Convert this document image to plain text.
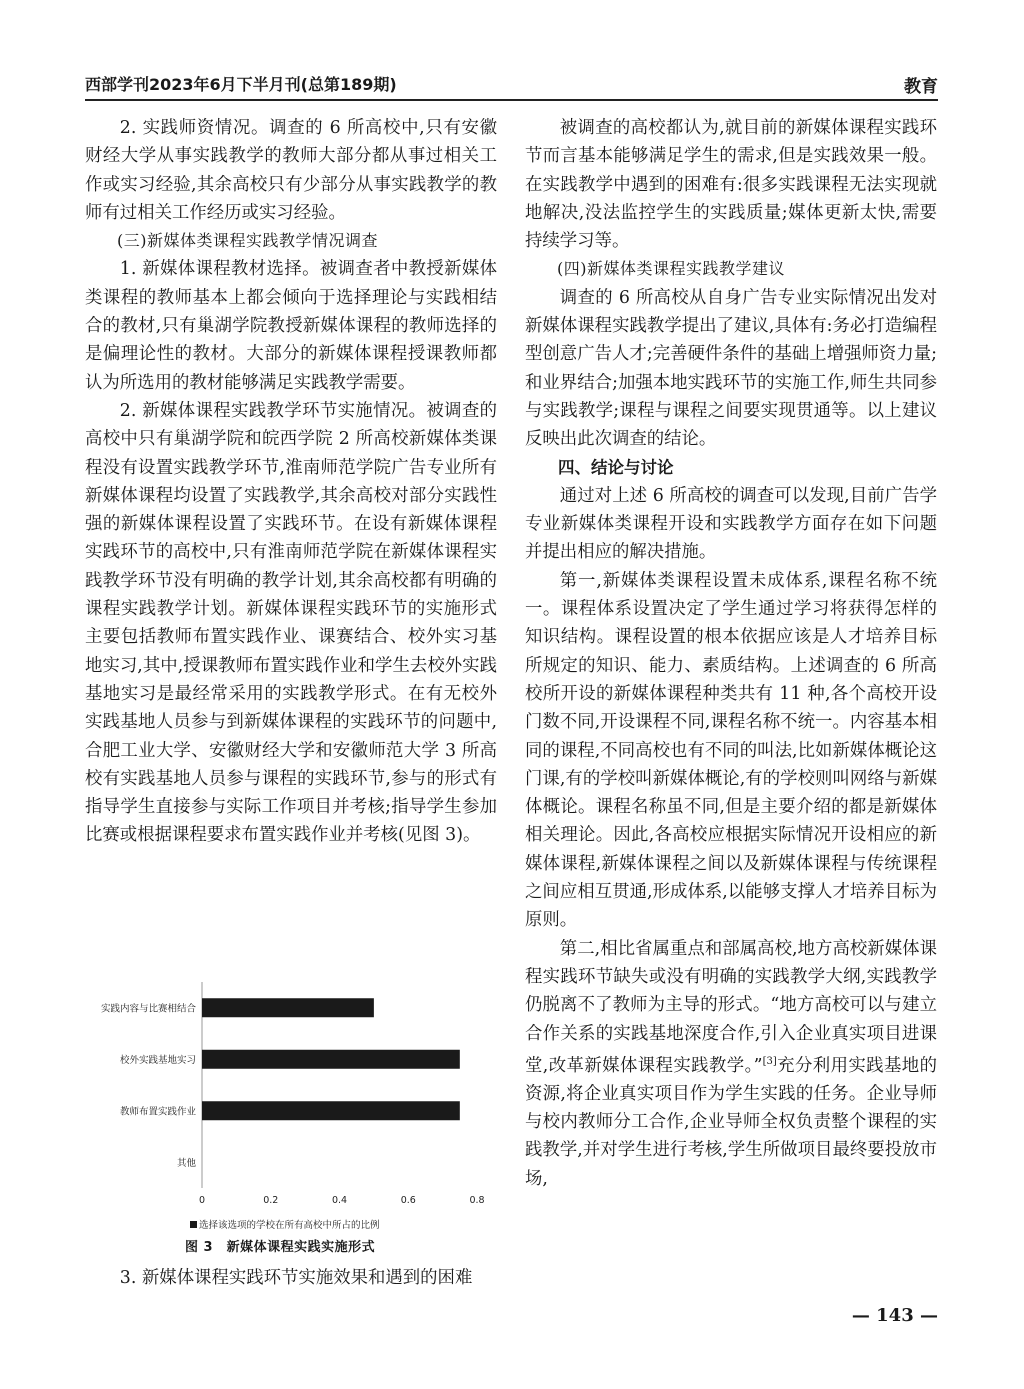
西部学刊2023年6月下半月刊(总第189期)	教育

2. 实践师资情况。调查的 6 所高校中,只有安徽财经大学从事实践教学的教师大部分都从事过相关工作或实习经验,其余高校只有少部分从事实践教学的教师有过相关工作经历或实习经验。

(三)新媒体类课程实践教学情况调查

1. 新媒体课程教材选择。被调查者中教授新媒体类课程的教师基本上都会倾向于选择理论与实践相结合的教材,只有巢湖学院教授新媒体课程的教师选择的是偏理论性的教材。大部分的新媒体课程授课教师都认为所选用的教材能够满足实践教学需要。

2. 新媒体课程实践教学环节实施情况。被调查的高校中只有巢湖学院和皖西学院 2 所高校新媒体类课程没有设置实践教学环节,淮南师范学院广告专业所有新媒体课程均设置了实践教学,其余高校对部分实践性强的新媒体课程设置了实践环节。在设有新媒体课程实践环节的高校中,只有淮南师范学院在新媒体课程实践教学环节没有明确的教学计划,其余高校都有明确的课程实践教学计划。新媒体课程实践环节的实施形式主要包括教师布置实践作业、课赛结合、校外实习基地实习,其中,授课教师布置实践作业和学生去校外实践基地实习是最经常采用的实践教学形式。在有无校外实践基地人员参与到新媒体课程的实践环节的问题中,合肥工业大学、安徽财经大学和安徽师范大学 3 所高校有实践基地人员参与课程的实践环节,参与的形式有指导学生直接参与实际工作项目并考核;指导学生参加比赛或根据课程要求布置实践作业并考核(见图 3)。

实践内容与比赛相结合
校外实践基地实习
教师布置实践作业
其他
0	0.2	0.4	0.6	0.8
选择该选项的学校在所有高校中所占的比例
图 3　新媒体课程实践实施形式

3. 新媒体课程实践环节实施效果和遇到的困难

被调查的高校都认为,就目前的新媒体课程实践环节而言基本能够满足学生的需求,但是实践效果一般。在实践教学中遇到的困难有:很多实践课程无法实现就地解决,没法监控学生的实践质量;媒体更新太快,需要持续学习等。

(四)新媒体类课程实践教学建议

调查的 6 所高校从自身广告专业实际情况出发对新媒体课程实践教学提出了建议,具体有:务必打造编程型创意广告人才;完善硬件条件的基础上增强师资力量;和业界结合;加强本地实践环节的实施工作,师生共同参与实践教学;课程与课程之间要实现贯通等。以上建议反映出此次调查的结论。

四、结论与讨论

通过对上述 6 所高校的调查可以发现,目前广告学专业新媒体类课程开设和实践教学方面存在如下问题并提出相应的解决措施。

第一,新媒体类课程设置未成体系,课程名称不统一。课程体系设置决定了学生通过学习将获得怎样的知识结构。课程设置的根本依据应该是人才培养目标所规定的知识、能力、素质结构。上述调查的 6 所高校所开设的新媒体课程种类共有 11 种,各个高校开设门数不同,开设课程不同,课程名称不统一。内容基本相同的课程,不同高校也有不同的叫法,比如新媒体概论这门课,有的学校叫新媒体概论,有的学校则叫网络与新媒体概论。课程名称虽不同,但是主要介绍的都是新媒体相关理论。因此,各高校应根据实际情况开设相应的新媒体课程,新媒体课程之间以及新媒体课程与传统课程之间应相互贯通,形成体系,以能够支撑人才培养目标为原则。

第二,相比省属重点和部属高校,地方高校新媒体课程实践环节缺失或没有明确的实践教学大纲,实践教学仍脱离不了教师为主导的形式。“地方高校可以与建立合作关系的实践基地深度合作,引入企业真实项目进课堂,改革新媒体课程实践教学。”[3]充分利用实践基地的资源,将企业真实项目作为学生实践的任务。企业导师与校内教师分工合作,企业导师全权负责整个课程的实践教学,并对学生进行考核,学生所做项目最终要投放市场,

— 143 —
